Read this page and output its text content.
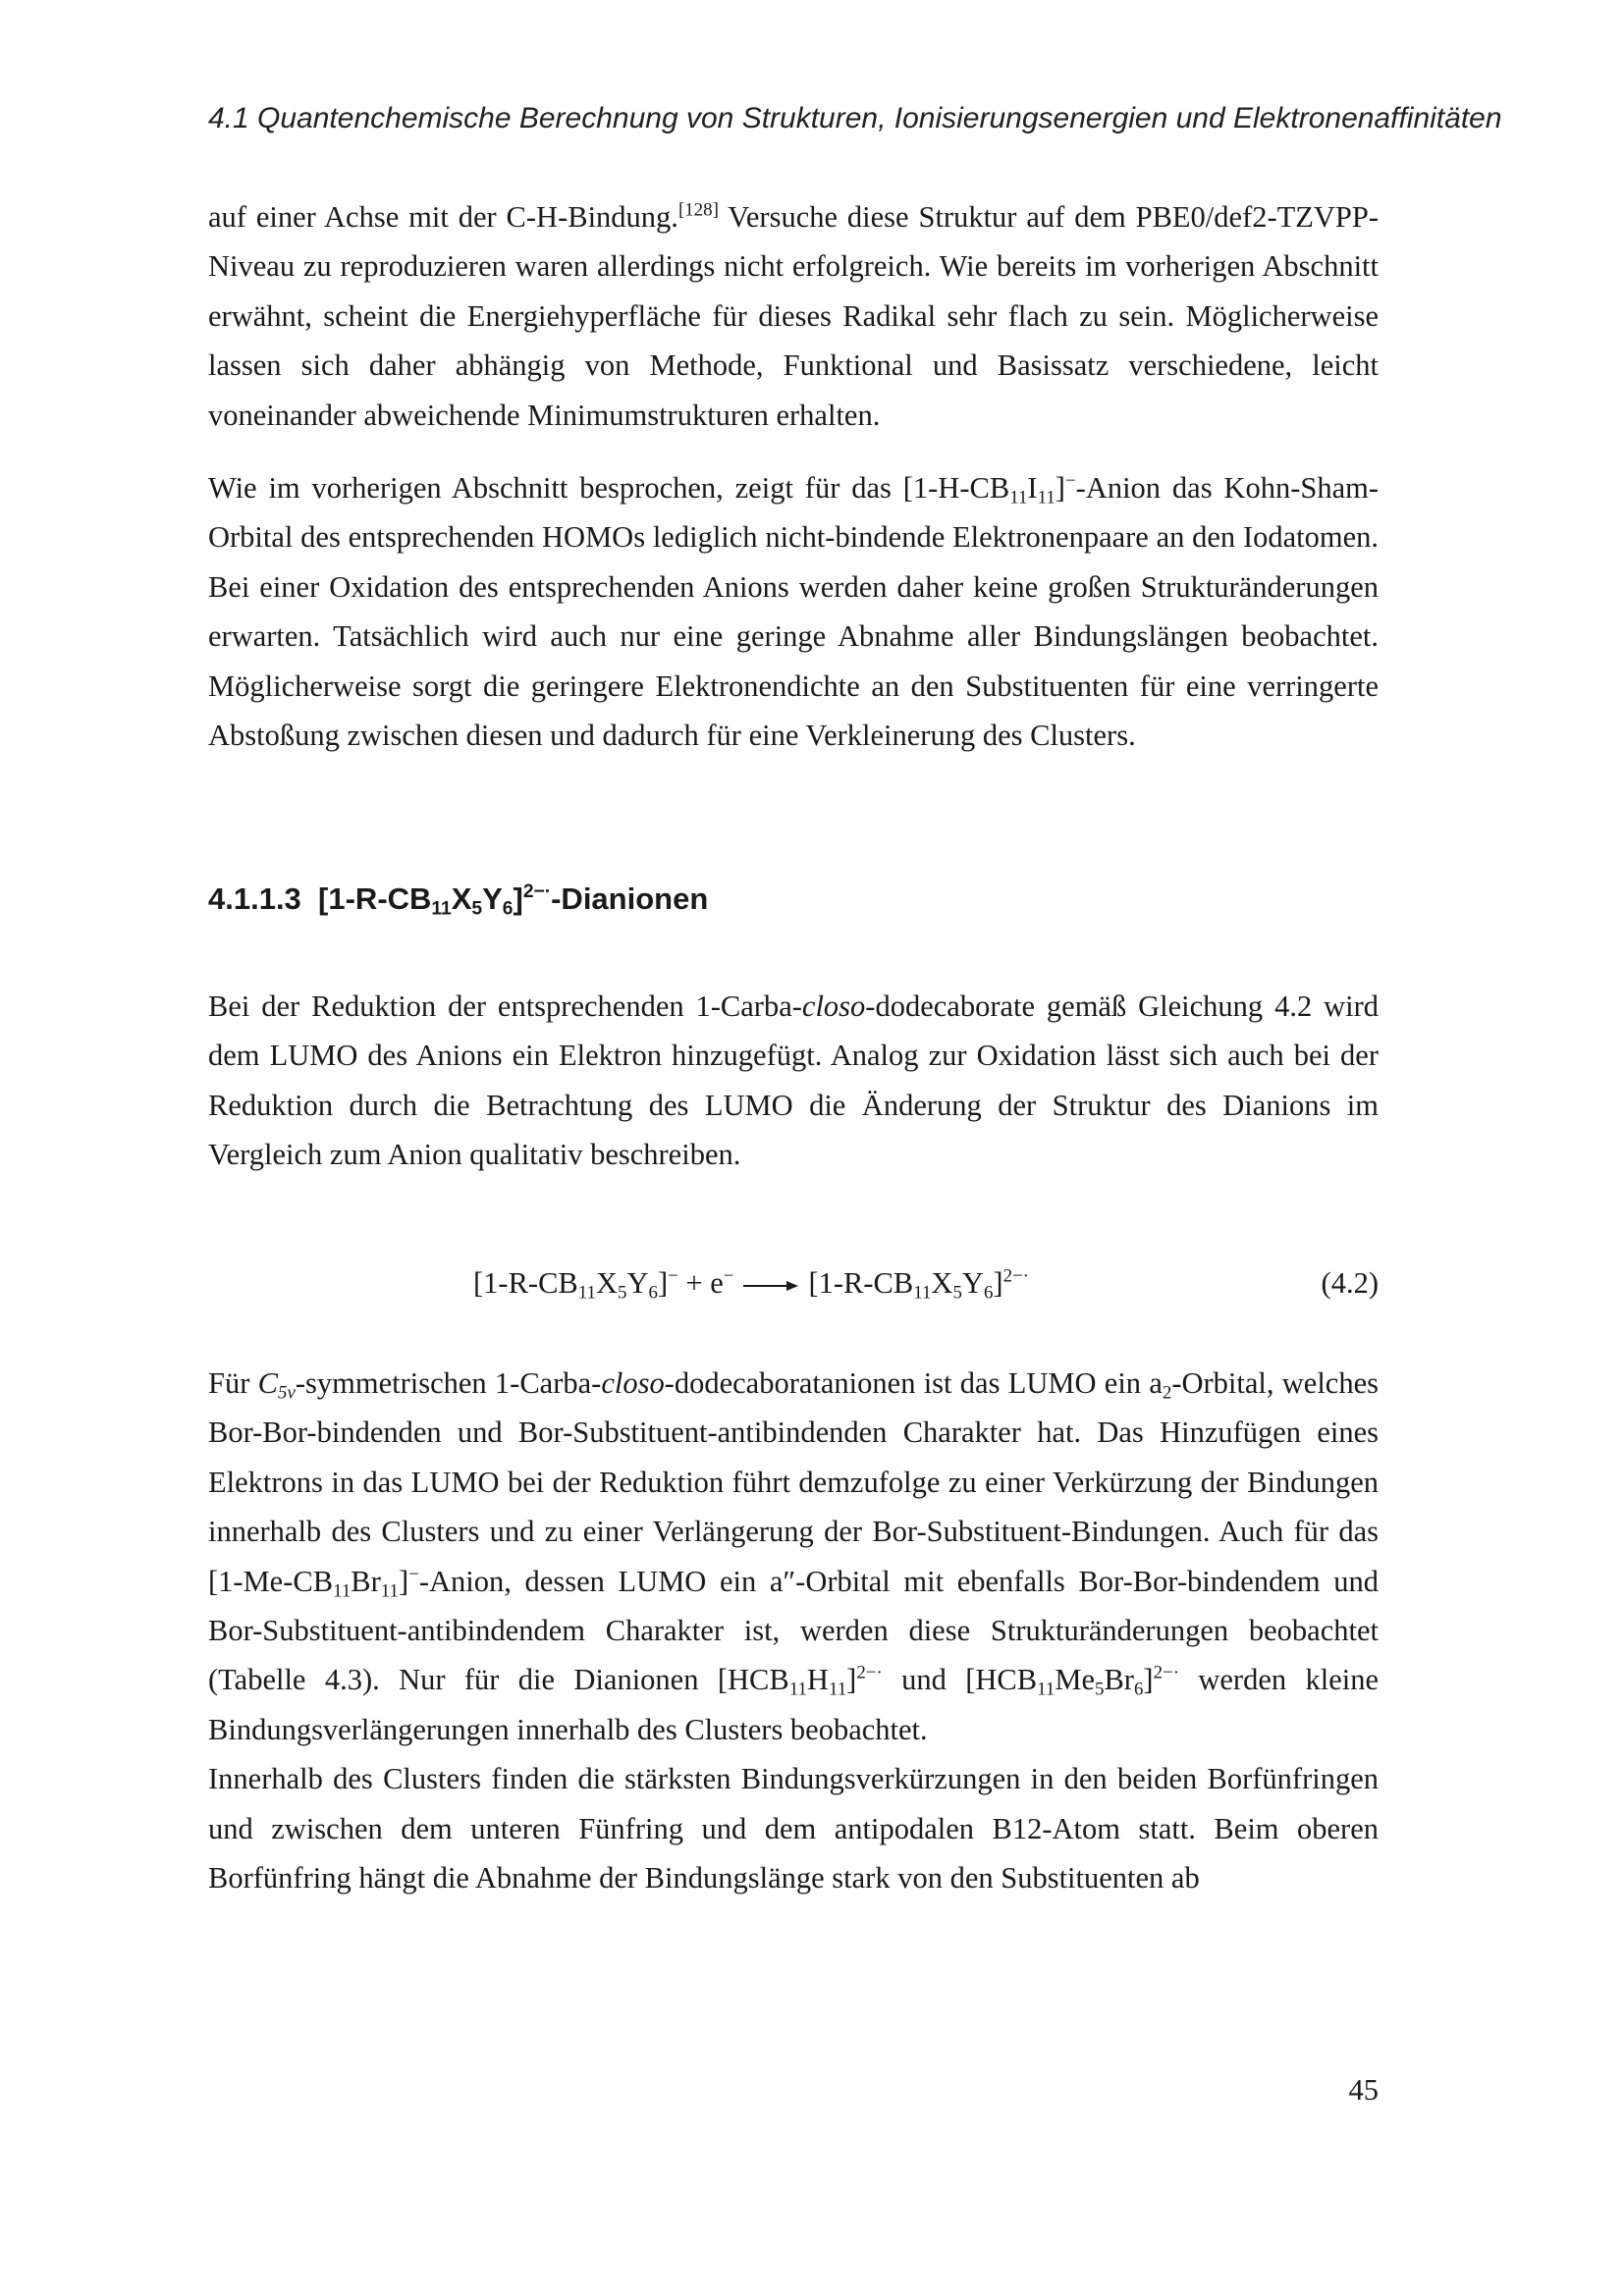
4.1 Quantenchemische Berechnung von Strukturen, Ionisierungsenergien und Elektronenaffinitäten

auf einer Achse mit der C-H-Bindung.[128] Versuche diese Struktur auf dem PBE0/def2-TZVPP-Niveau zu reproduzieren waren allerdings nicht erfolgreich. Wie bereits im vorherigen Abschnitt erwähnt, scheint die Energiehyperfläche für dieses Radikal sehr flach zu sein. Möglicherweise lassen sich daher abhängig von Methode, Funktional und Basissatz verschiedene, leicht voneinander abweichende Minimumstrukturen erhalten.

Wie im vorherigen Abschnitt besprochen, zeigt für das $[1-H-CB_{11}I_{11}]^-$-Anion das Kohn-Sham-Orbital des entsprechenden HOMOs lediglich nicht-bindende Elektronenpaare an den Iodatomen. Bei einer Oxidation des entsprechenden Anions werden daher keine großen Strukturänderungen erwarten. Tatsächlich wird auch nur eine geringe Abnahme aller Bindungslängen beobachtet. Möglicherweise sorgt die geringere Elektronendichte an den Substituenten für eine verringerte Abstoßung zwischen diesen und dadurch für eine Verkleinerung des Clusters.

4.1.1.3 $[1-R-CB_{11}X_5Y_6]^{2-\cdot}$-Dianionen

Bei der Reduktion der entsprechenden 1-Carba-closo-dodecaborate gemäß Gleichung 4.2 wird dem LUMO des Anions ein Elektron hinzugefügt. Analog zur Oxidation lässt sich auch bei der Reduktion durch die Betrachtung des LUMO die Änderung der Struktur des Dianions im Vergleich zum Anion qualitativ beschreiben.

$[1-R-CB_{11}X_5Y_6]^- + e^- \to [1-R-CB_{11}X_5Y_6]^{2-\cdot}$	(4.2)

Für $C_{5v}$-symmetrischen 1-Carba-closo-dodecaboratanionen ist das LUMO ein $a_2$-Orbital, welches Bor-Bor-bindenden und Bor-Substituent-antibindenden Charakter hat. Das Hinzufügen eines Elektrons in das LUMO bei der Reduktion führt demzufolge zu einer Verkürzung der Bindungen innerhalb des Clusters und zu einer Verlängerung der Bor-Substituent-Bindungen. Auch für das $[1-Me-CB_{11}Br_{11}]^-$-Anion, dessen LUMO ein a″-Orbital mit ebenfalls Bor-Bor-bindendem und Bor-Substituent-antibindendem Charakter ist, werden diese Strukturänderungen beobachtet (Tabelle 4.3). Nur für die Dianionen $[HCB_{11}H_{11}]^{2-\cdot}$ und $[HCB_{11}Me_5Br_6]^{2-\cdot}$ werden kleine Bindungsverlängerungen innerhalb des Clusters beobachtet.

Innerhalb des Clusters finden die stärksten Bindungsverkürzungen in den beiden Borfünfringen und zwischen dem unteren Fünfring und dem antipodalen B12-Atom statt. Beim oberen Borfünfring hängt die Abnahme der Bindungslänge stark von den Substituenten ab

45
